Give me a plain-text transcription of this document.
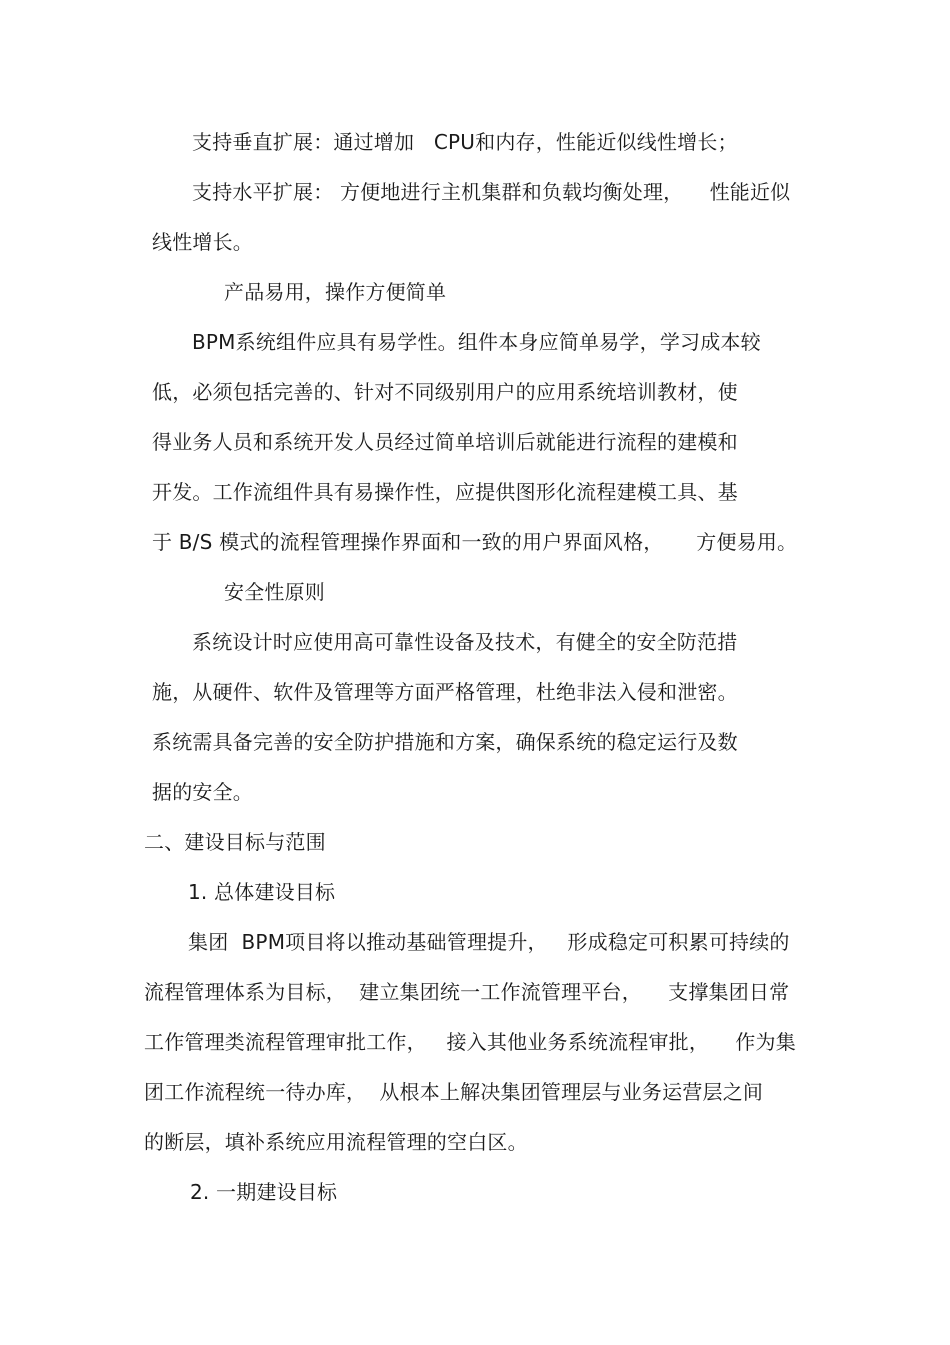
支持垂直扩展：通过增加   CPU和内存，性能近似线性增长；
支持水平扩展： 方便地进行主机集群和负载均衡处理，    性能近似
线性增长。
产品易用，操作方便简单
BPM系统组件应具有易学性。组件本身应简单易学，学习成本较
低，必须包括完善的、针对不同级别用户的应用系统培训教材，使
得业务人员和系统开发人员经过简单培训后就能进行流程的建模和
开发。工作流组件具有易操作性，应提供图形化流程建模工具、基
于 B/S 模式的流程管理操作界面和一致的用户界面风格，     方便易用。
安全性原则
系统设计时应使用高可靠性设备及技术，有健全的安全防范措
施，从硬件、软件及管理等方面严格管理，杜绝非法入侵和泄密。
系统需具备完善的安全防护措施和方案，确保系统的稳定运行及数
据的安全。
二、建设目标与范围
1. 总体建设目标
集团  BPM项目将以推动基础管理提升，   形成稳定可积累可持续的
流程管理体系为目标，  建立集团统一工作流管理平台，    支撑集团日常
工作管理类流程管理审批工作，   接入其他业务系统流程审批，    作为集
团工作流程统一待办库，  从根本上解决集团管理层与业务运营层之间
的断层，填补系统应用流程管理的空白区。
2. 一期建设目标
